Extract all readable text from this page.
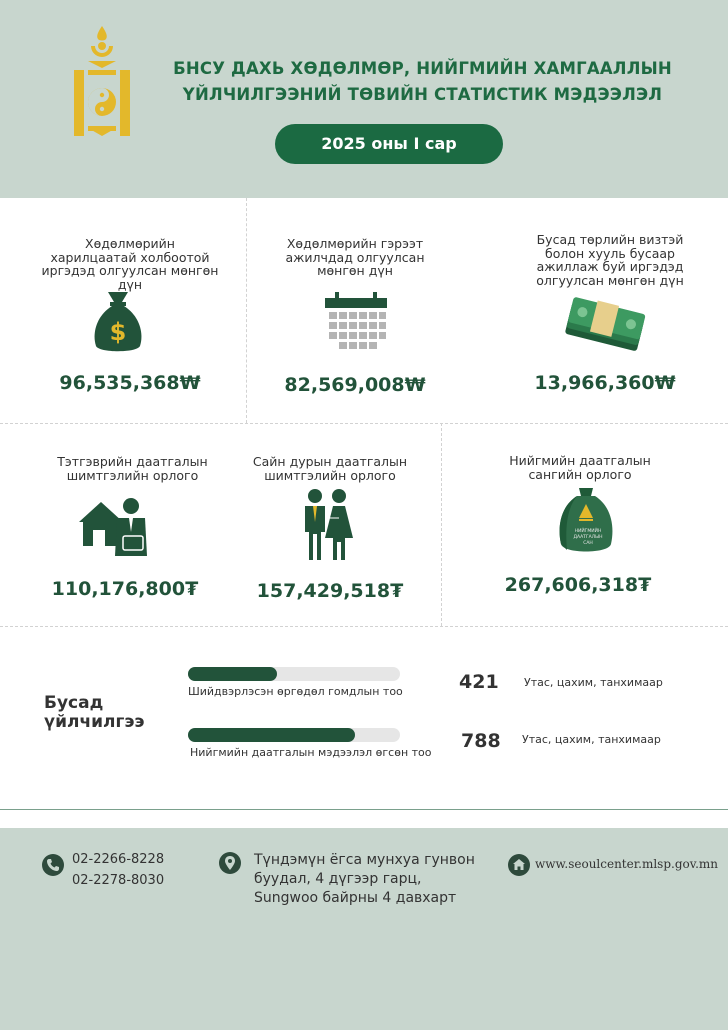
БНСУ ДАХЬ ХӨДӨЛМӨР, НИЙГМИЙН ХАМГААЛЛЫН
ҮЙЛЧИЛГЭЭНИЙ ТӨВИЙН СТАТИСТИК МЭДЭЭЛЭЛ
2025 оны I сар
Хөдөлмөрийн
харилцаатай холбоотой
иргэдэд олгуулсан мөнгөн дүн
$
96,535,368₩
Хөдөлмөрийн гэрээт
ажилчдад олгуулсан
мөнгөн дүн
82,569,008₩
Бусад төрлийн визтэй
болон хууль бусаар
ажиллаж буй иргэдэд
олгуулсан мөнгөн дүн
13,966,360₩
Тэтгэврийн даатгалын
шимтгэлийн орлого
110,176,800₮
Сайн дурын даатгалын
шимтгэлийн орлого
157,429,518₮
Нийгмийн даатгалын
сангийн орлого
НИЙГМИЙН
ДААТГАЛЫН
САН
267,606,318₮
Бусад
үйлчилгээ
Шийдвэрлэсэн өргөдөл гомдлын тоо	421 Утас, цахим, танхимаар
Нийгмийн даатгалын мэдээлэл өгсөн тоо
788 Утас, цахим, танхимаар
02-2266-8228
02-2278-8030
Түндэмүн ёгса мунхуа гунвон
буудал, 4 дүгээр гарц,
Sungwoo байрны 4 давхарт
www.seoulcenter.mlsp.gov.mn
